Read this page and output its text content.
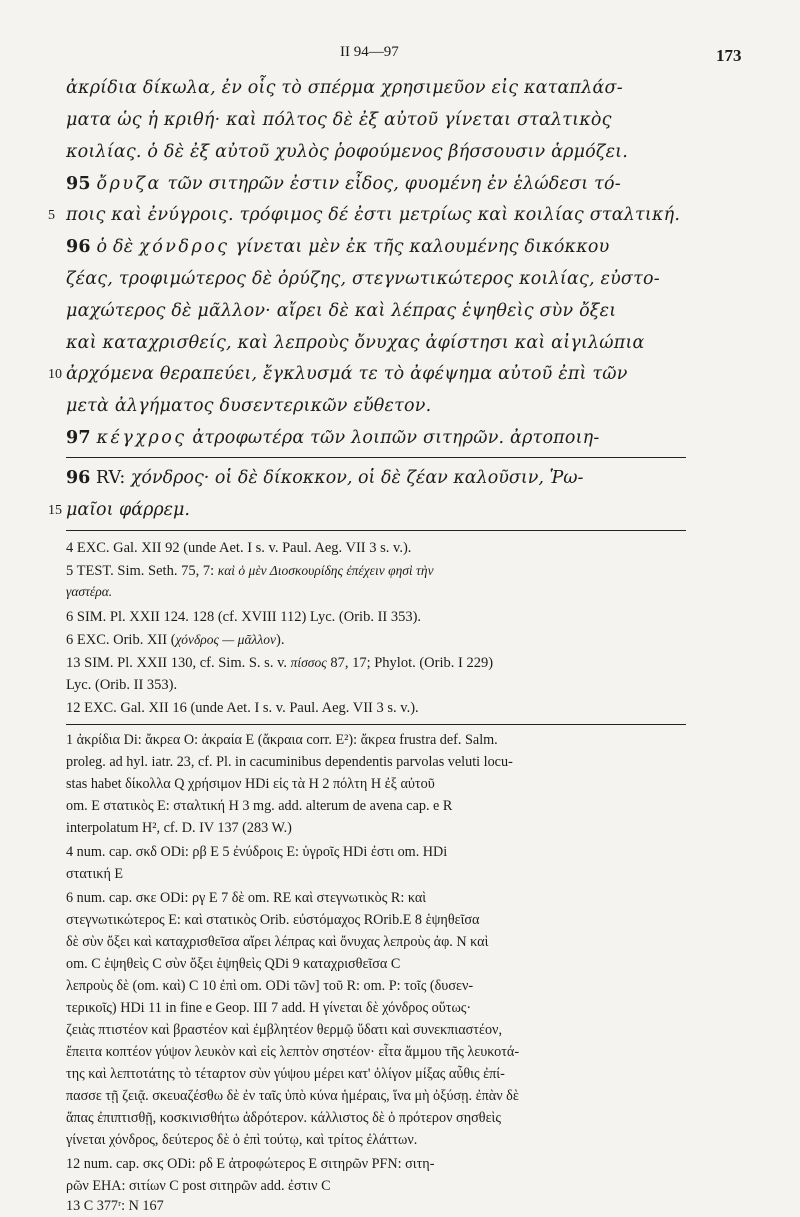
II 94—97	173
ἀκρίδια δίκωλα, ἐν οἷς τὸ σπέρμα χρησιμεῦον εἰς καταπλάσ-
ματα ὡς ἡ κριθή· καὶ πόλτος δὲ ἐξ αὐτοῦ γίνεται σταλτικὸς
κοιλίας. ὁ δὲ ἐξ αὐτοῦ χυλὸς ῥοφούμενος βήσσουσιν ἁρμόζει.
95 ὄρυζα τῶν σιτηρῶν ἐστιν εἶδος, φυομένη ἐν ἑλώδεσι τό-
5 ποις καὶ ἐνύγροις. τρόφιμος δέ ἐστι μετρίως καὶ κοιλίας σταλτική.
96 ὁ δὲ χόνδρος γίνεται μὲν ἐκ τῆς καλουμένης δικόκκου
ζέας, τροφιμώτερος δὲ ὀρύζης, στεγνωτικώτερος κοιλίας, εὐστο-
μαχώτερος δὲ μᾶλλον· αἴρει δὲ καὶ λέπρας ἑψηθεὶς σὺν ὄξει
καὶ καταχρισθείς, καὶ λεπροὺς ὄνυχας ἀφίστησι καὶ αἰγιλώπια
10 ἀρχόμενα θεραπεύει, ἔγκλυσμά τε τὸ ἀφέψημα αὐτοῦ ἐπὶ τῶν
μετὰ ἀλγήματος δυσεντερικῶν εὔθετον.
97 κέγχρος ἀτροφωτέρα τῶν λοιπῶν σιτηρῶν. ἀρτοποιη-
96 RV: χόνδρος· οἱ δὲ δίκοκκον, οἱ δὲ ζέαν καλοῦσιν, Ῥω-
15 μαῖοι φάρρεμ.
4 EXC. Gal. XII 92 (unde Aet. I s. v. Paul. Aeg. VII 3 s. v.).
5 TEST. Sim. Seth. 75, 7: καὶ ὁ μὲν Διοσκουρίδης ἐπέχειν φησὶ τὴν
γαστέρα.
6 SIM. Pl. XXII 124. 128 (cf. XVIII 112) Lyc. (Orib. II 353).
6 EXC. Orib. XII (χόνδρος — μᾶλλον).
13 SIM. Pl. XXII 130, cf. Sim. S. s. v. πίσσος 87, 17; Phylot. (Orib. I 229)
Lyc. (Orib. II 353).
12 EXC. Gal. XII 16 (unde Aet. I s. v. Paul. Aeg. VII 3 s. v.).
1 ἀκρίδια Di: ἄκρεα O: ἀκραία E (ἄκραια corr. E²): ἄκρεα frustra def. Salm.
proleg. ad hyl. iatr. 23, cf. Pl. in cacuminibus dependentis parvolas veluti locu-
stas habet δίκολλα Q χρήσιμον HDi εἰς τὰ H 2 πόλτη H ἐξ αὐτοῦ
om. E στατικὸς E: σταλτική H 3 mg. add. alterum de avena cap. e R
interpolatum H², cf. D. IV 137 (283 W.)
4 num. cap. σκδ ODi: ρβ E 5 ἐνύδροις E: ὑγροῖς HDi ἐστι om. HDi
στατική E
6 num. cap. σκε ODi: ργ E 7 δὲ om. RE καὶ στεγνωτικὸς R: καὶ
στεγνωτικώτερος E: καὶ στατικὸς Orib. εὐστόμαχος ROrib.E 8 ἑψηθεῖσα
δὲ σὺν ὄξει καὶ καταχρισθεῖσα αἴρει λέπρας καὶ ὄνυχας λεπροὺς ἀφ. N καὶ
om. C ἑψηθεὶς C σὺν ὄξει ἑψηθεὶς QDi 9 καταχρισθεῖσα C
λεπροὺς δὲ (om. καὶ) C 10 ἐπὶ om. ODi τῶν] τοῦ R: om. P: τοῖς (δυσεν-
τερικοῖς) HDi 11 in fine e Geop. III 7 add. H γίνεται δὲ χόνδρος οὕτως·
ζειὰς πτιστέον καὶ βραστέον καὶ ἐμβλητέον θερμῷ ὕδατι καὶ συνεκπιαστέον,
ἔπειτα κοπτέον γύψον λευκὸν καὶ εἰς λεπτὸν σηστέον· εἶτα ἄμμου τῆς λευκοτά-
της καὶ λεπτοτάτης τὸ τέταρτον σὺν γύψου μέρει κατ' ὀλίγον μίξας αὖθις ἐπί-
πασσε τῇ ζειᾷ. σκευαζέσθω δὲ ἐν ταῖς ὑπὸ κύνα ἡμέραις, ἵνα μὴ ὀξύσῃ. ἐπὰν δὲ
ἅπας ἐπιπτισθῇ, κοσκινισθήτω ἁδρότερον. κάλλιστος δὲ ὁ πρότερον σησθεὶς
γίνεται χόνδρος, δεύτερος δὲ ὁ ἐπὶ τούτῳ, καὶ τρίτος ἐλάττων.
12 num. cap. σκϛ ODi: ρδ E ἀτροφώτερος E σιτηρῶν PFN: σιτη-
ρῶν EHA: σιτίων C post σιτηρῶν add. ἐστιν C
13 C 377ʳ: N 167
